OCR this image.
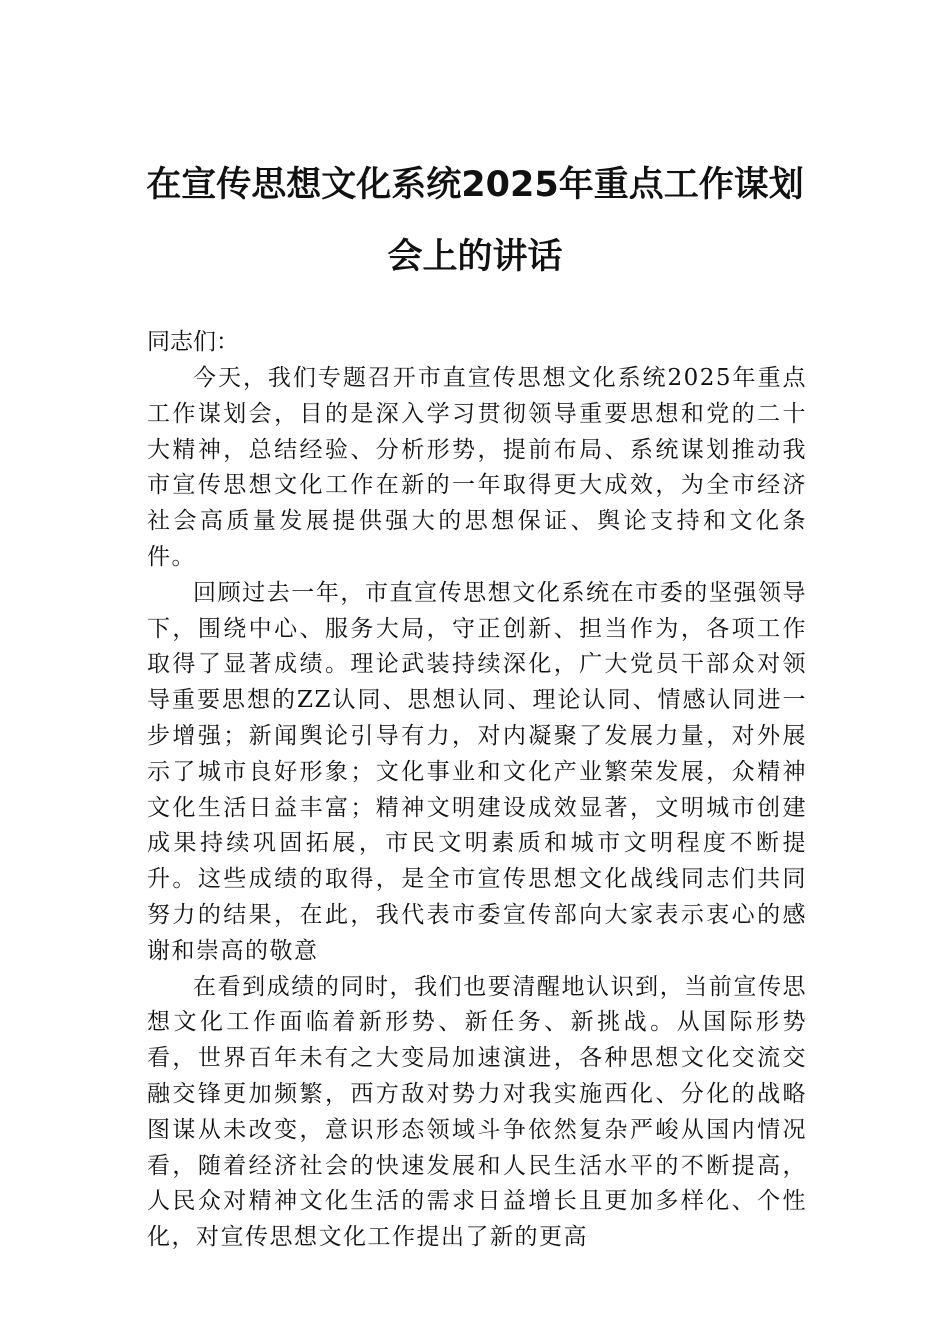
在宣传思想文化系统2025年重点工作谋划
会上的讲话
同志们：

今天，我们专题召开市直宣传思想文化系统2025年重点工作谋划会，目的是深入学习贯彻领导重要思想和党的二十大精神，总结经验、分析形势，提前布局、系统谋划推动我市宣传思想文化工作在新的一年取得更大成效，为全市经济社会高质量发展提供强大的思想保证、舆论支持和文化条件。

回顾过去一年，市直宣传思想文化系统在市委的坚强领导下，围绕中心、服务大局，守正创新、担当作为，各项工作取得了显著成绩。理论武装持续深化，广大党员干部众对领导重要思想的ZZ认同、思想认同、理论认同、情感认同进一步增强；新闻舆论引导有力，对内凝聚了发展力量，对外展示了城市良好形象；文化事业和文化产业繁荣发展，众精神文化生活日益丰富；精神文明建设成效显著，文明城市创建成果持续巩固拓展，市民文明素质和城市文明程度不断提升。这些成绩的取得，是全市宣传思想文化战线同志们共同努力的结果，在此，我代表市委宣传部向大家表示衷心的感谢和崇高的敬意

在看到成绩的同时，我们也要清醒地认识到，当前宣传思想文化工作面临着新形势、新任务、新挑战。从国际形势看，世界百年未有之大变局加速演进，各种思想文化交流交融交锋更加频繁，西方敌对势力对我实施西化、分化的战略图谋从未改变，意识形态领域斗争依然复杂严峻从国内情况看，随着经济社会的快速发展和人民生活水平的不断提高，人民众对精神文化生活的需求日益增长且更加多样化、个性化，对宣传思想文化工作提出了新的更高
